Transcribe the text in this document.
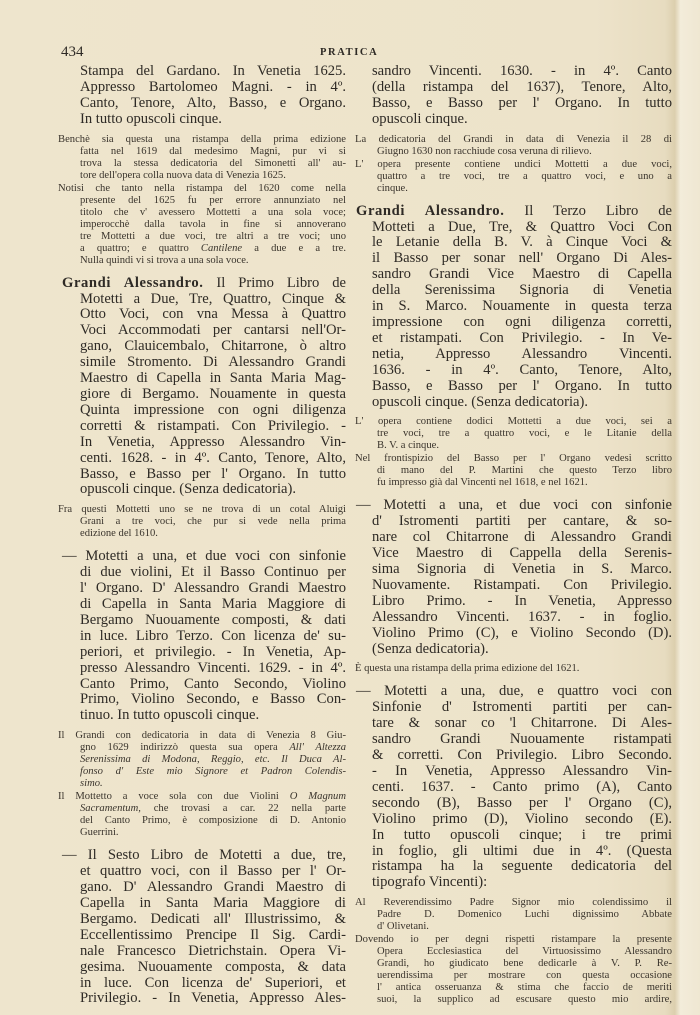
434	PRATICA
Stampa del Gardano. In Venetia 1625.
Appresso Bartolomeo Magni. - in 4º.
Canto, Tenore, Alto, Basso, e Organo.
In tutto opuscoli cinque.
Benchè sia questa una ristampa della prima edizione
fatta nel 1619 dal medesimo Magni, pur vi si
trova la stessa dedicatoria del Simonetti all' au-
tore dell'opera colla nuova data di Venezia 1625.
Notisi che tanto nella ristampa del 1620 come nella
presente del 1625 fu per errore annunziato nel
titolo che v' avessero Mottetti a una sola voce;
imperocchè dalla tavola in fine si annoverano
tre Mottetti a due voci, tre altri a tre voci; uno
a quattro; e quattro Cantilene a due e a tre.
Nulla quindi vi si trova a una sola voce.
Grandi Alessandro. Il Primo Libro de
Motetti a Due, Tre, Quattro, Cinque &
Otto Voci, con vna Messa à Quattro
Voci Accommodati per cantarsi nell'Or-
gano, Clauicembalo, Chitarrone, ò altro
simile Stromento. Di Alessandro Grandi
Maestro di Capella in Santa Maria Mag-
giore di Bergamo. Nouamente in questa
Quinta impressione con ogni diligenza
corretti & ristampati. Con Privilegio. -
In Venetia, Appresso Alessandro Vin-
centi. 1628. - in 4º. Canto, Tenore, Alto,
Basso, e Basso per l' Organo. In tutto
opuscoli cinque. (Senza dedicatoria).
Fra questi Mottetti uno se ne trova di un cotal Aluigi
Grani a tre voci, che pur si vede nella prima
edizione del 1610.
— Motetti a una, et due voci con sinfonie
di due violini, Et il Basso Continuo per
l' Organo. D' Alessandro Grandi Maestro
di Capella in Santa Maria Maggiore di
Bergamo Nuouamente composti, & dati
in luce. Libro Terzo. Con licenza de' su-
periori, et privilegio. - In Venetia, Ap-
presso Alessandro Vincenti. 1629. - in 4º.
Canto Primo, Canto Secondo, Violino
Primo, Violino Secondo, e Basso Con-
tinuo. In tutto opuscoli cinque.
Il Grandi con dedicatoria in data di Venezia 8 Giu-
gno 1629 indirizzò questa sua opera All' Altezza
Serenissima di Modona, Reggio, etc. Il Duca Al-
fonso d' Este mio Signore et Padron Colendis-
simo.
Il Mottetto a voce sola con due Violini O Magnum
Sacramentum, che trovasi a car. 22 nella parte
del Canto Primo, è composizione di D. Antonio
Guerrini.
— Il Sesto Libro de Motetti a due, tre,
et quattro voci, con il Basso per l' Or-
gano. D' Alessandro Grandi Maestro di
Capella in Santa Maria Maggiore di
Bergamo. Dedicati all' Illustrissimo, &
Eccellentissimo Prencipe Il Sig. Cardi-
nale Francesco Dietrichstain. Opera Vi-
gesima. Nuouamente composta, & data
in luce. Con licenza de' Superiori, et
Privilegio. - In Venetia, Appresso Ales-
sandro Vincenti. 1630. - in 4º. Canto
(della ristampa del 1637), Tenore, Alto,
Basso, e Basso per l' Organo. In tutto
opuscoli cinque.
La dedicatoria del Grandi in data di Venezia il 28 di
Giugno 1630 non racchiude cosa veruna di rilievo.
L' opera presente contiene undici Mottetti a due voci,
quattro a tre voci, tre a quattro voci, e uno a
cinque.
Grandi Alessandro. Il Terzo Libro de
Motteti a Due, Tre, & Quattro Voci Con
le Letanie della B. V. à Cinque Voci &
il Basso per sonar nell' Organo Di Ales-
sandro Grandi Vice Maestro di Capella
della Serenissima Signoria di Venetia
in S. Marco. Nouamente in questa terza
impressione con ogni diligenza corretti,
et ristampati. Con Privilegio. - In Ve-
netia, Appresso Alessandro Vincenti.
1636. - in 4º. Canto, Tenore, Alto,
Basso, e Basso per l' Organo. In tutto
opuscoli cinque. (Senza dedicatoria).
L' opera contiene dodici Mottetti a due voci, sei a
tre voci, tre a quattro voci, e le Litanie della
B. V. a cinque.
Nel frontispizio del Basso per l' Organo vedesi scritto
di mano del P. Martini che questo Terzo libro
fu impresso già dal Vincenti nel 1618, e nel 1621.
— Motetti a una, et due voci con sinfonie
d' Istromenti partiti per cantare, & so-
nare col Chitarrone di Alessandro Grandi
Vice Maestro di Cappella della Serenis-
sima Signoria di Venetia in S. Marco.
Nuovamente. Ristampati. Con Privilegio.
Libro Primo. - In Venetia, Appresso
Alessandro Vincenti. 1637. - in foglio.
Violino Primo (C), e Violino Secondo (D).
(Senza dedicatoria).
È questa una ristampa della prima edizione del 1621.
— Motetti a una, due, e quattro voci con
Sinfonie d' Istromenti partiti per can-
tare & sonar co 'l Chitarrone. Di Ales-
sandro Grandi Nuouamente ristampati
& corretti. Con Privilegio. Libro Secondo.
- In Venetia, Appresso Alessandro Vin-
centi. 1637. - Canto primo (A), Canto
secondo (B), Basso per l' Organo (C),
Violino primo (D), Violino secondo (E).
In tutto opuscoli cinque; i tre primi
in foglio, gli ultimi due in 4º. (Questa
ristampa ha la seguente dedicatoria del
tipografo Vincenti):
Al Reverendissimo Padre Signor mio colendissimo il
Padre D. Domenico Luchi dignissimo Abbate
d' Olivetani.
Dovendo io per degni rispetti ristampare la presente
Opera Ecclesiastica del Virtuosissimo Alessandro
Grandi, ho giudicato bene dedicarle à V. P. Re-
uerendissima per mostrare con questa occasione
l' antica osseruanza & stima che faccio de meriti
suoi, la supplico ad escusare questo mio ardire,
